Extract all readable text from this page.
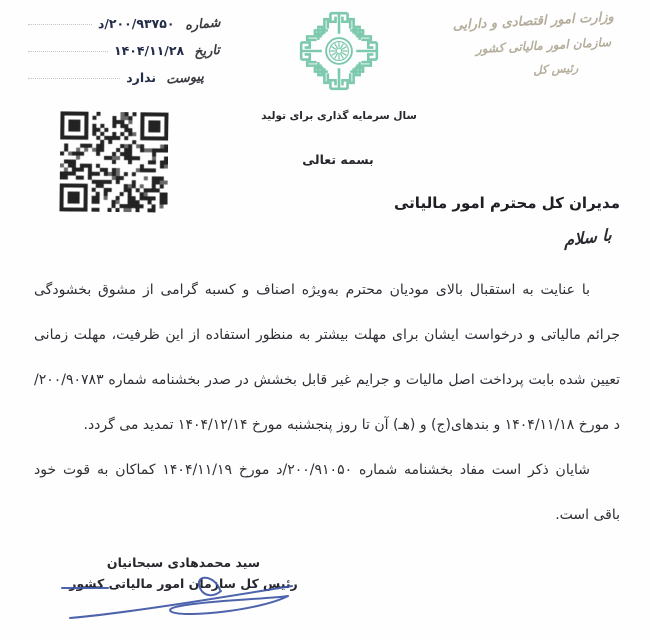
شماره
۲۰۰/۹۳۷۵۰/د
تاریخ
۱۴۰۴/۱۱/۲۸
پیوست
ندارد
وزارت امور اقتصادی و دارایی
سازمان امور مالیاتی کشور
رئیس کل
سال سرمایه گذاری برای تولید
بسمه تعالی
مدیران کل محترم امور مالیاتی
با سلام

با عنایت به استقبال بالای مودیان محترم به‌ویژه اصناف و کسبه گرامی از مشوق بخشودگی جرائم مالیاتی و درخواست ایشان برای مهلت بیشتر به منظور استفاده از این ظرفیت، مهلت زمانی تعیین شده بابت پرداخت اصل مالیات و جرایم غیر قابل بخشش در صدر بخشنامه شماره ۲۰۰/۹۰۷۸۳/د مورخ ۱۴۰۴/۱۱/۱۸ و بندهای(ج) و (هـ) آن تا روز پنجشنبه مورخ ۱۴۰۴/۱۲/۱۴ تمدید می گردد.

شایان ذکر است مفاد بخشنامه شماره ۲۰۰/۹۱۰۵۰/د مورخ ۱۴۰۴/۱۱/۱۹ کماکان به قوت خود باقی است.

سید محمدهادی سبحانیان
رئیس کل سازمان امور مالیاتی کشور
